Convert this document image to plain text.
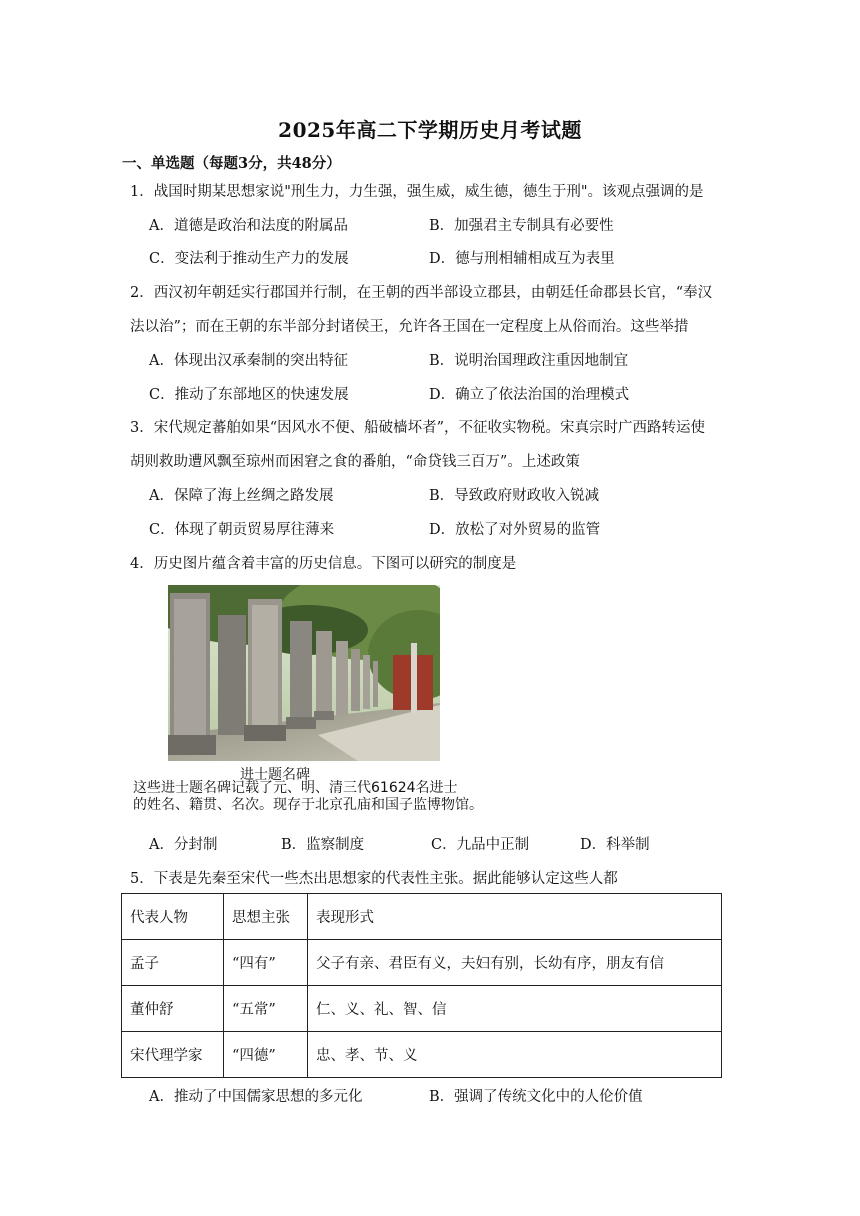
2025年高二下学期历史月考试题
一、单选题（每题3分，共48分）
1．战国时期某思想家说"刑生力，力生强，强生威，威生德，德生于刑"。该观点强调的是
A．道德是政治和法度的附属品	B．加强君主专制具有必要性
C．变法利于推动生产力的发展	D．德与刑相辅相成互为表里
2．西汉初年朝廷实行郡国并行制，在王朝的西半部设立郡县，由朝廷任命郡县长官，“奉汉
法以治”；而在王朝的东半部分封诸侯王，允许各王国在一定程度上从俗而治。这些举措
A．体现出汉承秦制的突出特征	B．说明治国理政注重因地制宜
C．推动了东部地区的快速发展	D．确立了依法治国的治理模式
3．宋代规定蕃舶如果“因风水不便、船破樯坏者”，不征收实物税。宋真宗时广西路转运使
胡则救助遭风飘至琼州而困窘之食的番舶，“命贷钱三百万”。上述政策
A．保障了海上丝绸之路发展	B．导致政府财政收入锐减
C．体现了朝贡贸易厚往薄来	D．放松了对外贸易的监管
4．历史图片蕴含着丰富的历史信息。下图可以研究的制度是
进士题名碑
这些进士题名碑记载了元、明、清三代61624名进士
的姓名、籍贯、名次。现存于北京孔庙和国子监博物馆。
A．分封制	B．监察制度	C．九品中正制	D．科举制
5．下表是先秦至宋代一些杰出思想家的代表性主张。据此能够认定这些人都
代表人物	思想主张	表现形式
孟子	“四有”	父子有亲、君臣有义，夫妇有别，长幼有序，朋友有信
董仲舒	“五常”	仁、义、礼、智、信
宋代理学家	“四德”	忠、孝、节、义
A．推动了中国儒家思想的多元化	B．强调了传统文化中的人伦价值
